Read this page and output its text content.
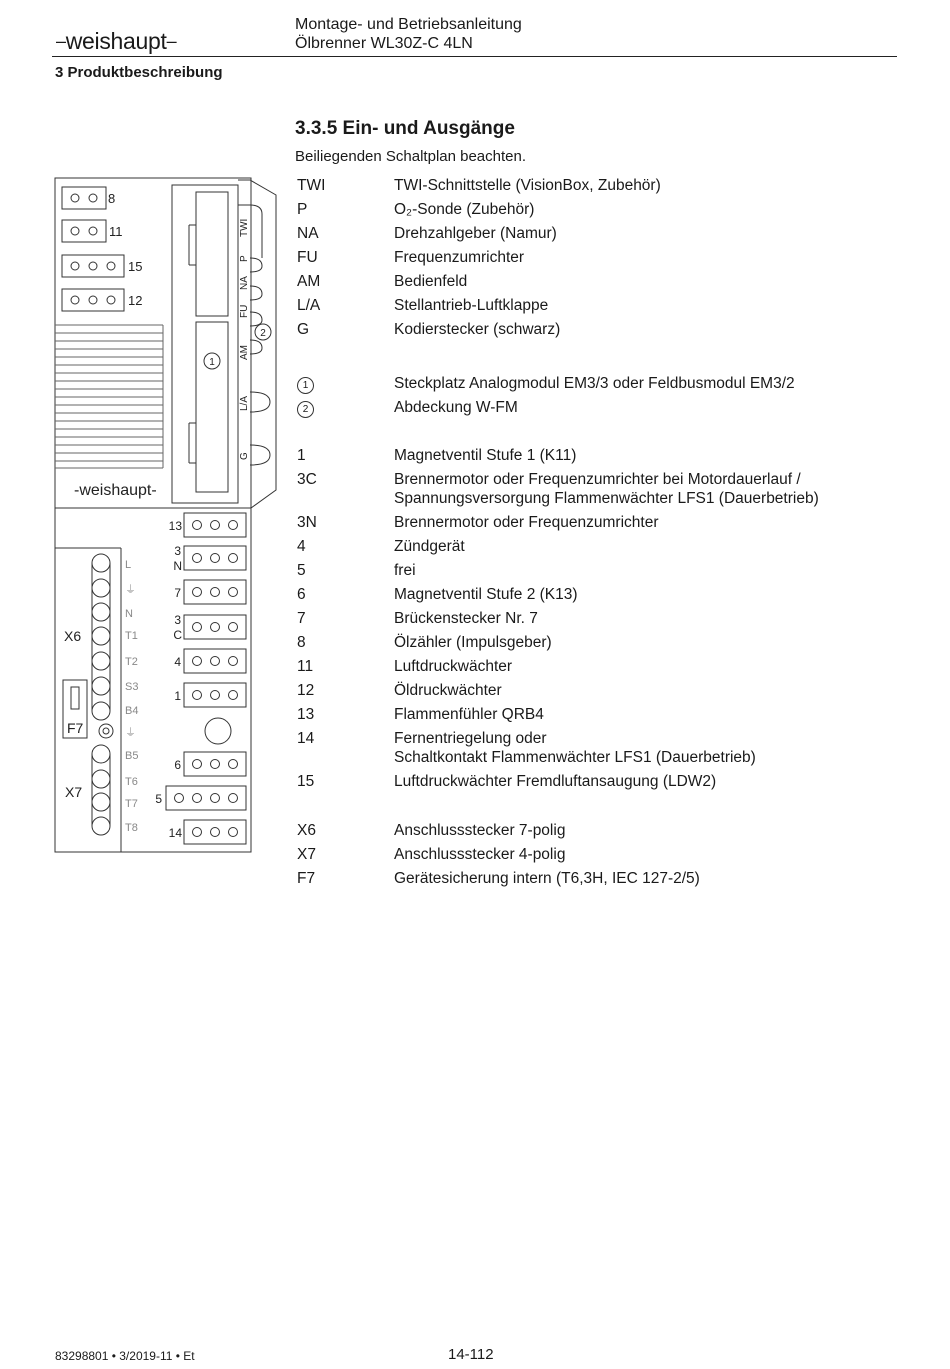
–weishaupt–
Montage- und Betriebsanleitung
Ölbrenner WL30Z-C 4LN
3 Produktbeschreibung
3.3.5 Ein- und Ausgänge
Beiliegenden Schaltplan beachten.
1
2
8
11
15
12
TWI
P
NA
FU
AM
L/A
G
-weishaupt-
13
3
N
7
3
C
4
1
6
5
14
L
⏚
N
T1
T2
S3
B4
⏚
B5
T6
T7
T8
X6
X7
F7
TWI	TWI-Schnittstelle (VisionBox, Zubehör)
P	O₂-Sonde (Zubehör)
NA	Drehzahlgeber (Namur)
FU	Frequenzumrichter
AM	Bedienfeld
L/A	Stellantrieb-Luftklappe
G	Kodierstecker (schwarz)
1	Steckplatz Analogmodul EM3/3 oder Feldbusmodul EM3/2
2	Abdeckung W-FM
1	Magnetventil Stufe 1 (K11)
3C	Brennermotor oder Frequenzumrichter bei Motordauerlauf /
Spannungsversorgung Flammenwächter LFS1 (Dauerbetrieb)
3N	Brennermotor oder Frequenzumrichter
4	Zündgerät
5	frei
6	Magnetventil Stufe 2 (K13)
7	Brückenstecker Nr. 7
8	Ölzähler (Impulsgeber)
11	Luftdruckwächter
12	Öldruckwächter
13	Flammenfühler QRB4
14	Fernentriegelung oder
Schaltkontakt Flammenwächter LFS1 (Dauerbetrieb)
15	Luftdruckwächter Fremdluftansaugung (LDW2)
X6	Anschlussstecker 7-polig
X7	Anschlussstecker 4-polig
F7	Gerätesicherung intern (T6,3H, IEC 127-2/5)
83298801 • 3/2019-11 • Et	14-112
